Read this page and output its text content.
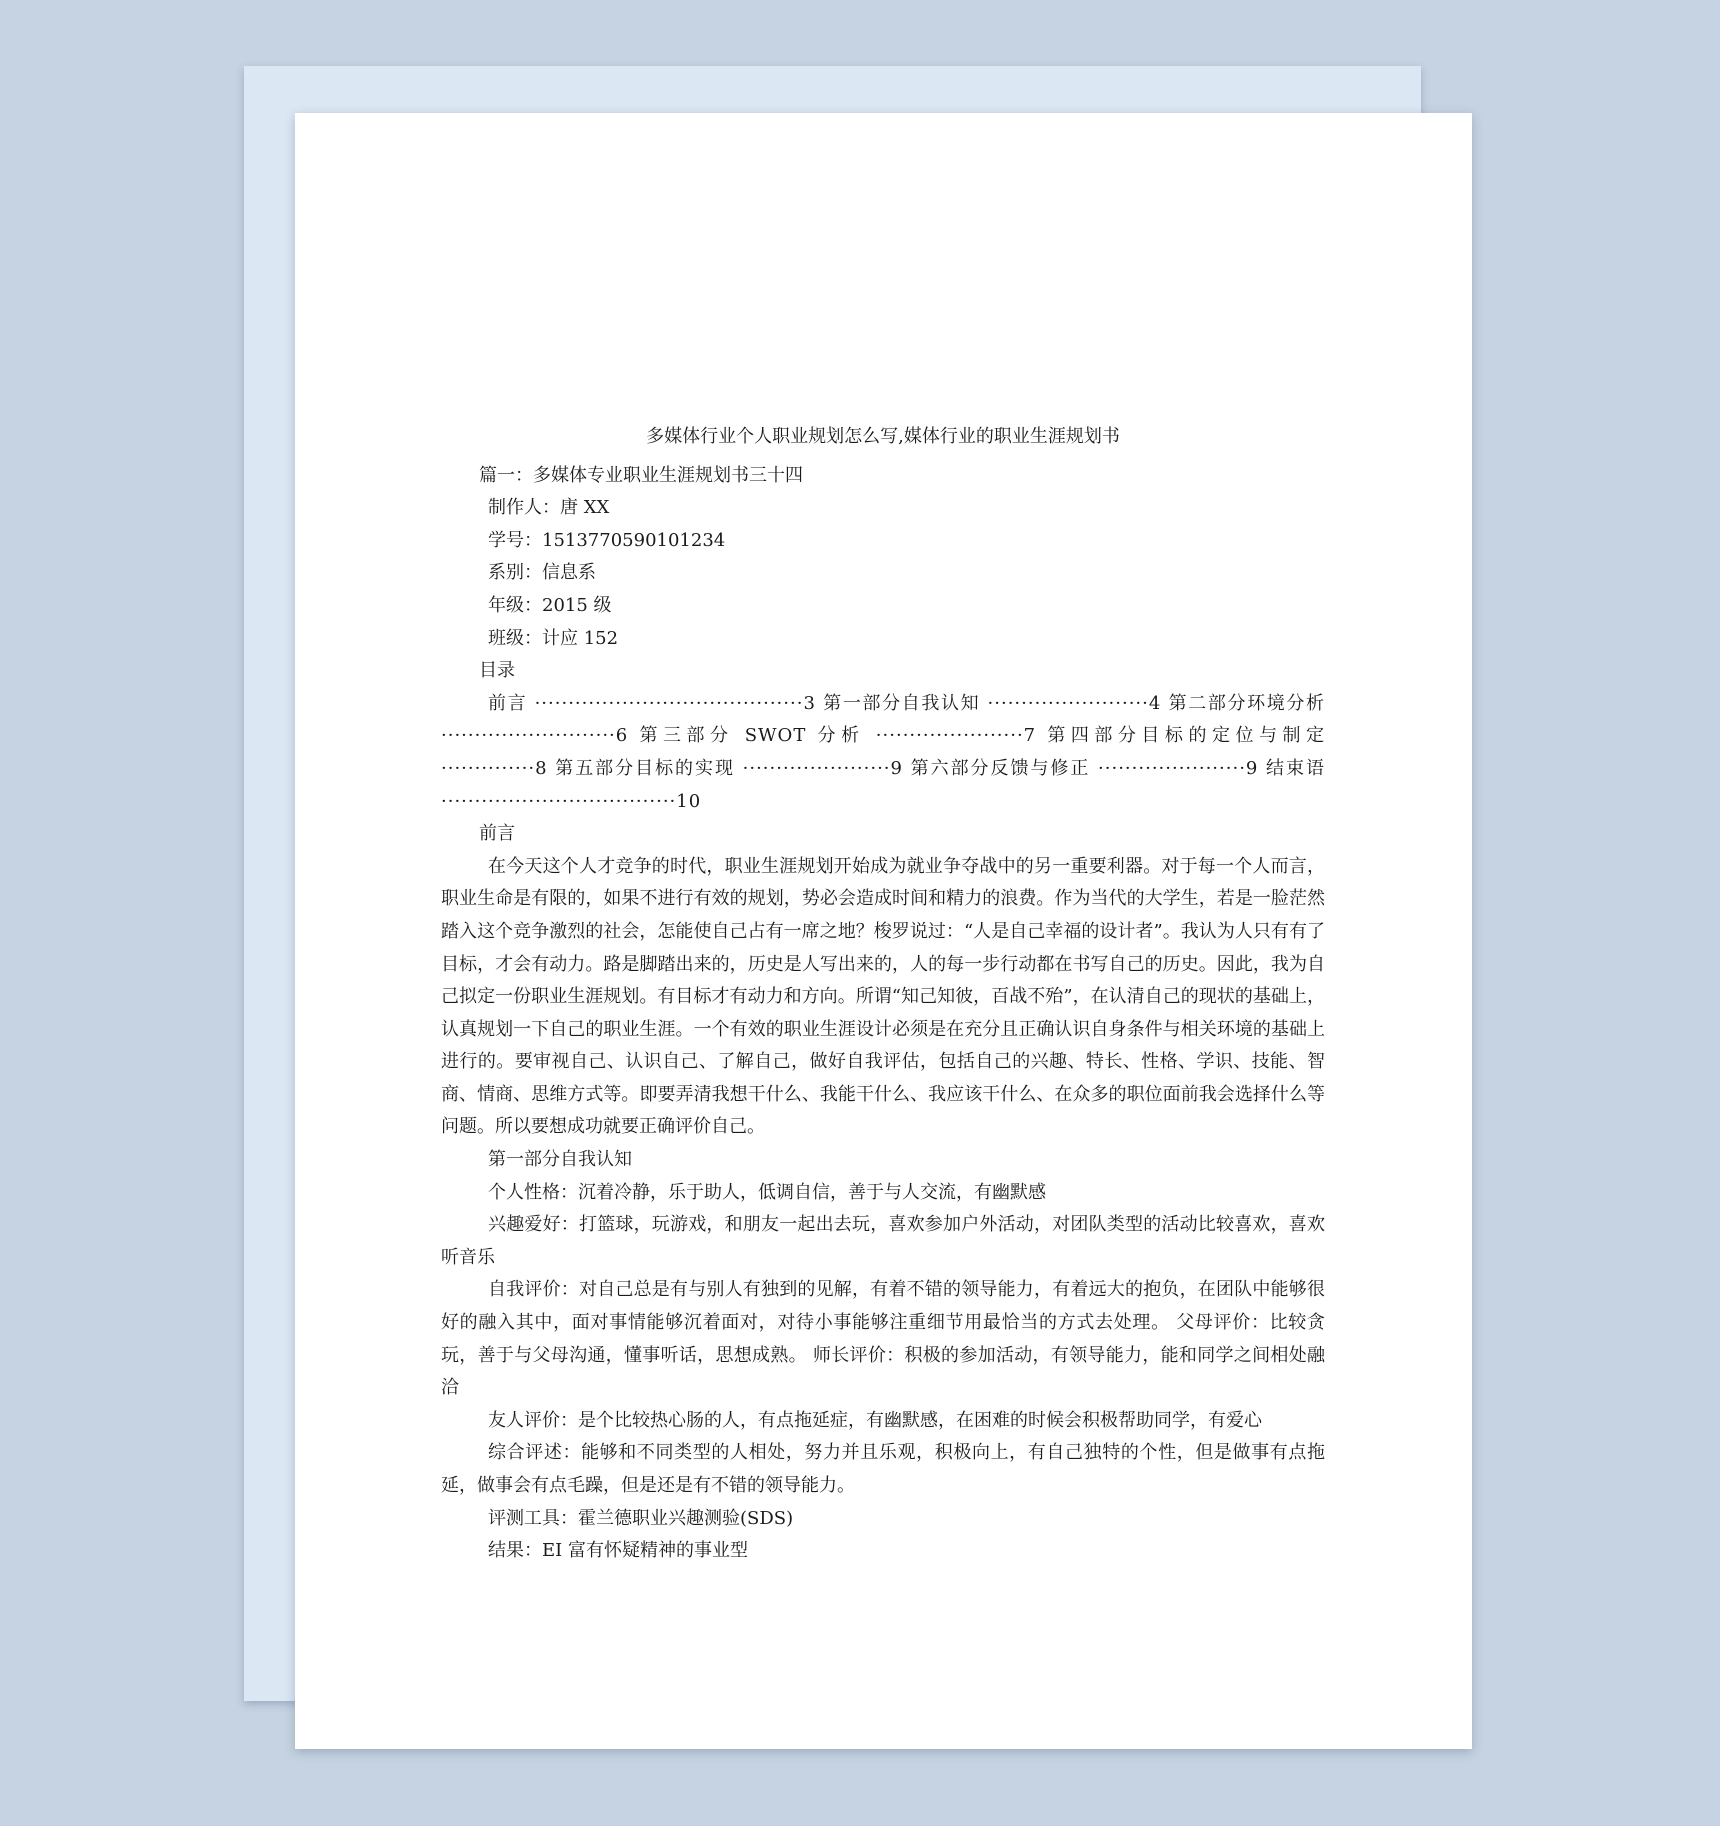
多媒体行业个人职业规划怎么写,媒体行业的职业生涯规划书

篇一：多媒体专业职业生涯规划书三十四

制作人：唐 XX

学号：1513770590101234

系别：信息系

年级：2015 级

班级：计应 152

目录

前言 ········································3 第一部分自我认知 ························4 第二部分环境分析 ··························6 第三部分 SWOT 分析 ······················7 第四部分目标的定位与制定 ··············8 第五部分目标的实现 ······················9 第六部分反馈与修正 ······················9 结束语 ···································10

前言

在今天这个人才竞争的时代，职业生涯规划开始成为就业争夺战中的另一重要利器。对于每一个人而言，职业生命是有限的，如果不进行有效的规划，势必会造成时间和精力的浪费。作为当代的大学生，若是一脸茫然踏入这个竞争激烈的社会，怎能使自己占有一席之地？梭罗说过：“人是自己幸福的设计者”。我认为人只有有了目标，才会有动力。路是脚踏出来的，历史是人写出来的，人的每一步行动都在书写自己的历史。因此，我为自己拟定一份职业生涯规划。有目标才有动力和方向。所谓“知己知彼，百战不殆”，在认清自己的现状的基础上，认真规划一下自己的职业生涯。一个有效的职业生涯设计必须是在充分且正确认识自身条件与相关环境的基础上进行的。要审视自己、认识自己、了解自己，做好自我评估，包括自己的兴趣、特长、性格、学识、技能、智商、情商、思维方式等。即要弄清我想干什么、我能干什么、我应该干什么、在众多的职位面前我会选择什么等问题。所以要想成功就要正确评价自己。

第一部分自我认知

个人性格：沉着冷静，乐于助人，低调自信，善于与人交流，有幽默感

兴趣爱好：打篮球，玩游戏，和朋友一起出去玩，喜欢参加户外活动，对团队类型的活动比较喜欢，喜欢听音乐

自我评价：对自己总是有与别人有独到的见解，有着不错的领导能力，有着远大的抱负，在团队中能够很好的融入其中，面对事情能够沉着面对，对待小事能够注重细节用最恰当的方式去处理。 父母评价：比较贪玩，善于与父母沟通，懂事听话，思想成熟。 师长评价：积极的参加活动，有领导能力，能和同学之间相处融洽

友人评价：是个比较热心肠的人，有点拖延症，有幽默感，在困难的时候会积极帮助同学，有爱心

综合评述：能够和不同类型的人相处，努力并且乐观，积极向上，有自己独特的个性，但是做事有点拖延，做事会有点毛躁，但是还是有不错的领导能力。

评测工具：霍兰德职业兴趣测验(SDS)

结果：EI 富有怀疑精神的事业型
